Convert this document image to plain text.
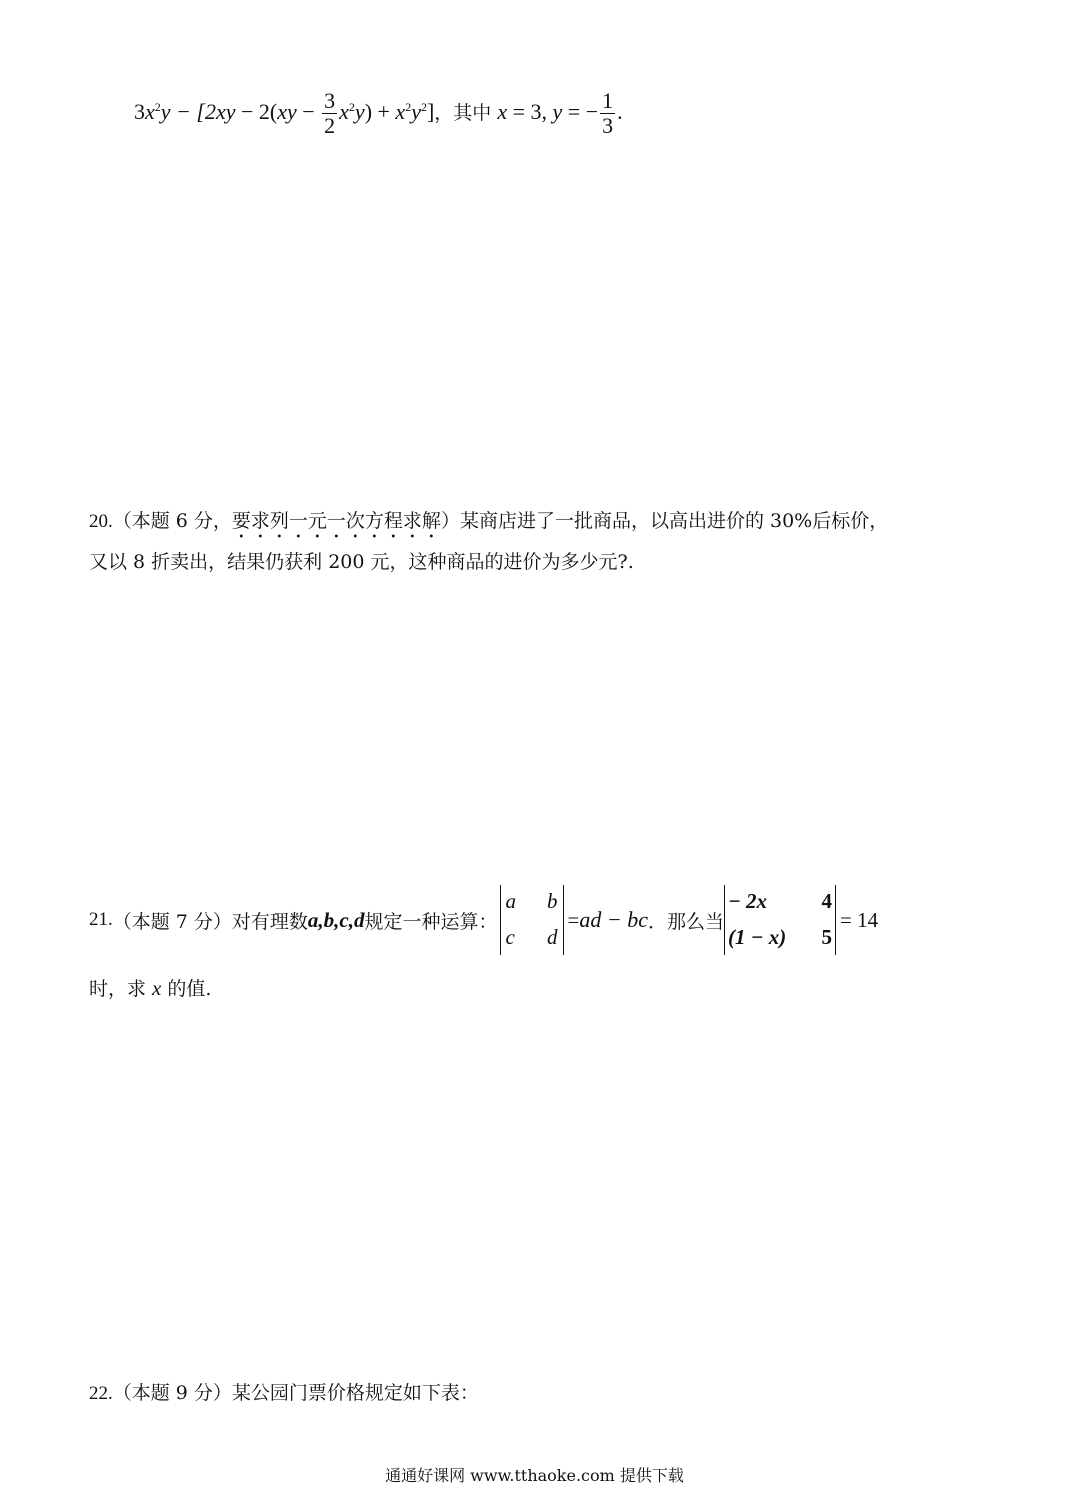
$3x^2y - [2xy - 2(xy - \frac{3}{2} x^2y) + x^2y^2]$，其中 x = 3, y = − $\frac{1}{3}$ .
20.（本题 6 分，要求列一元一次方程求解）某商店进了一批商品，以高出进价的 30%后标价，
又以 8 折卖出，结果仍获利 200 元，这种商品的进价为多少元?.
21. （本题 7 分）对有理数 a,b,c,d 规定一种运算：
a b
c d
= ad − bc ．那么当
− 2x	4
(1 − x) 5
= 14
时，求 x 的值.
22.（本题 9 分）某公园门票价格规定如下表：
通通好课网 www.tthaoke.com 提供下载
